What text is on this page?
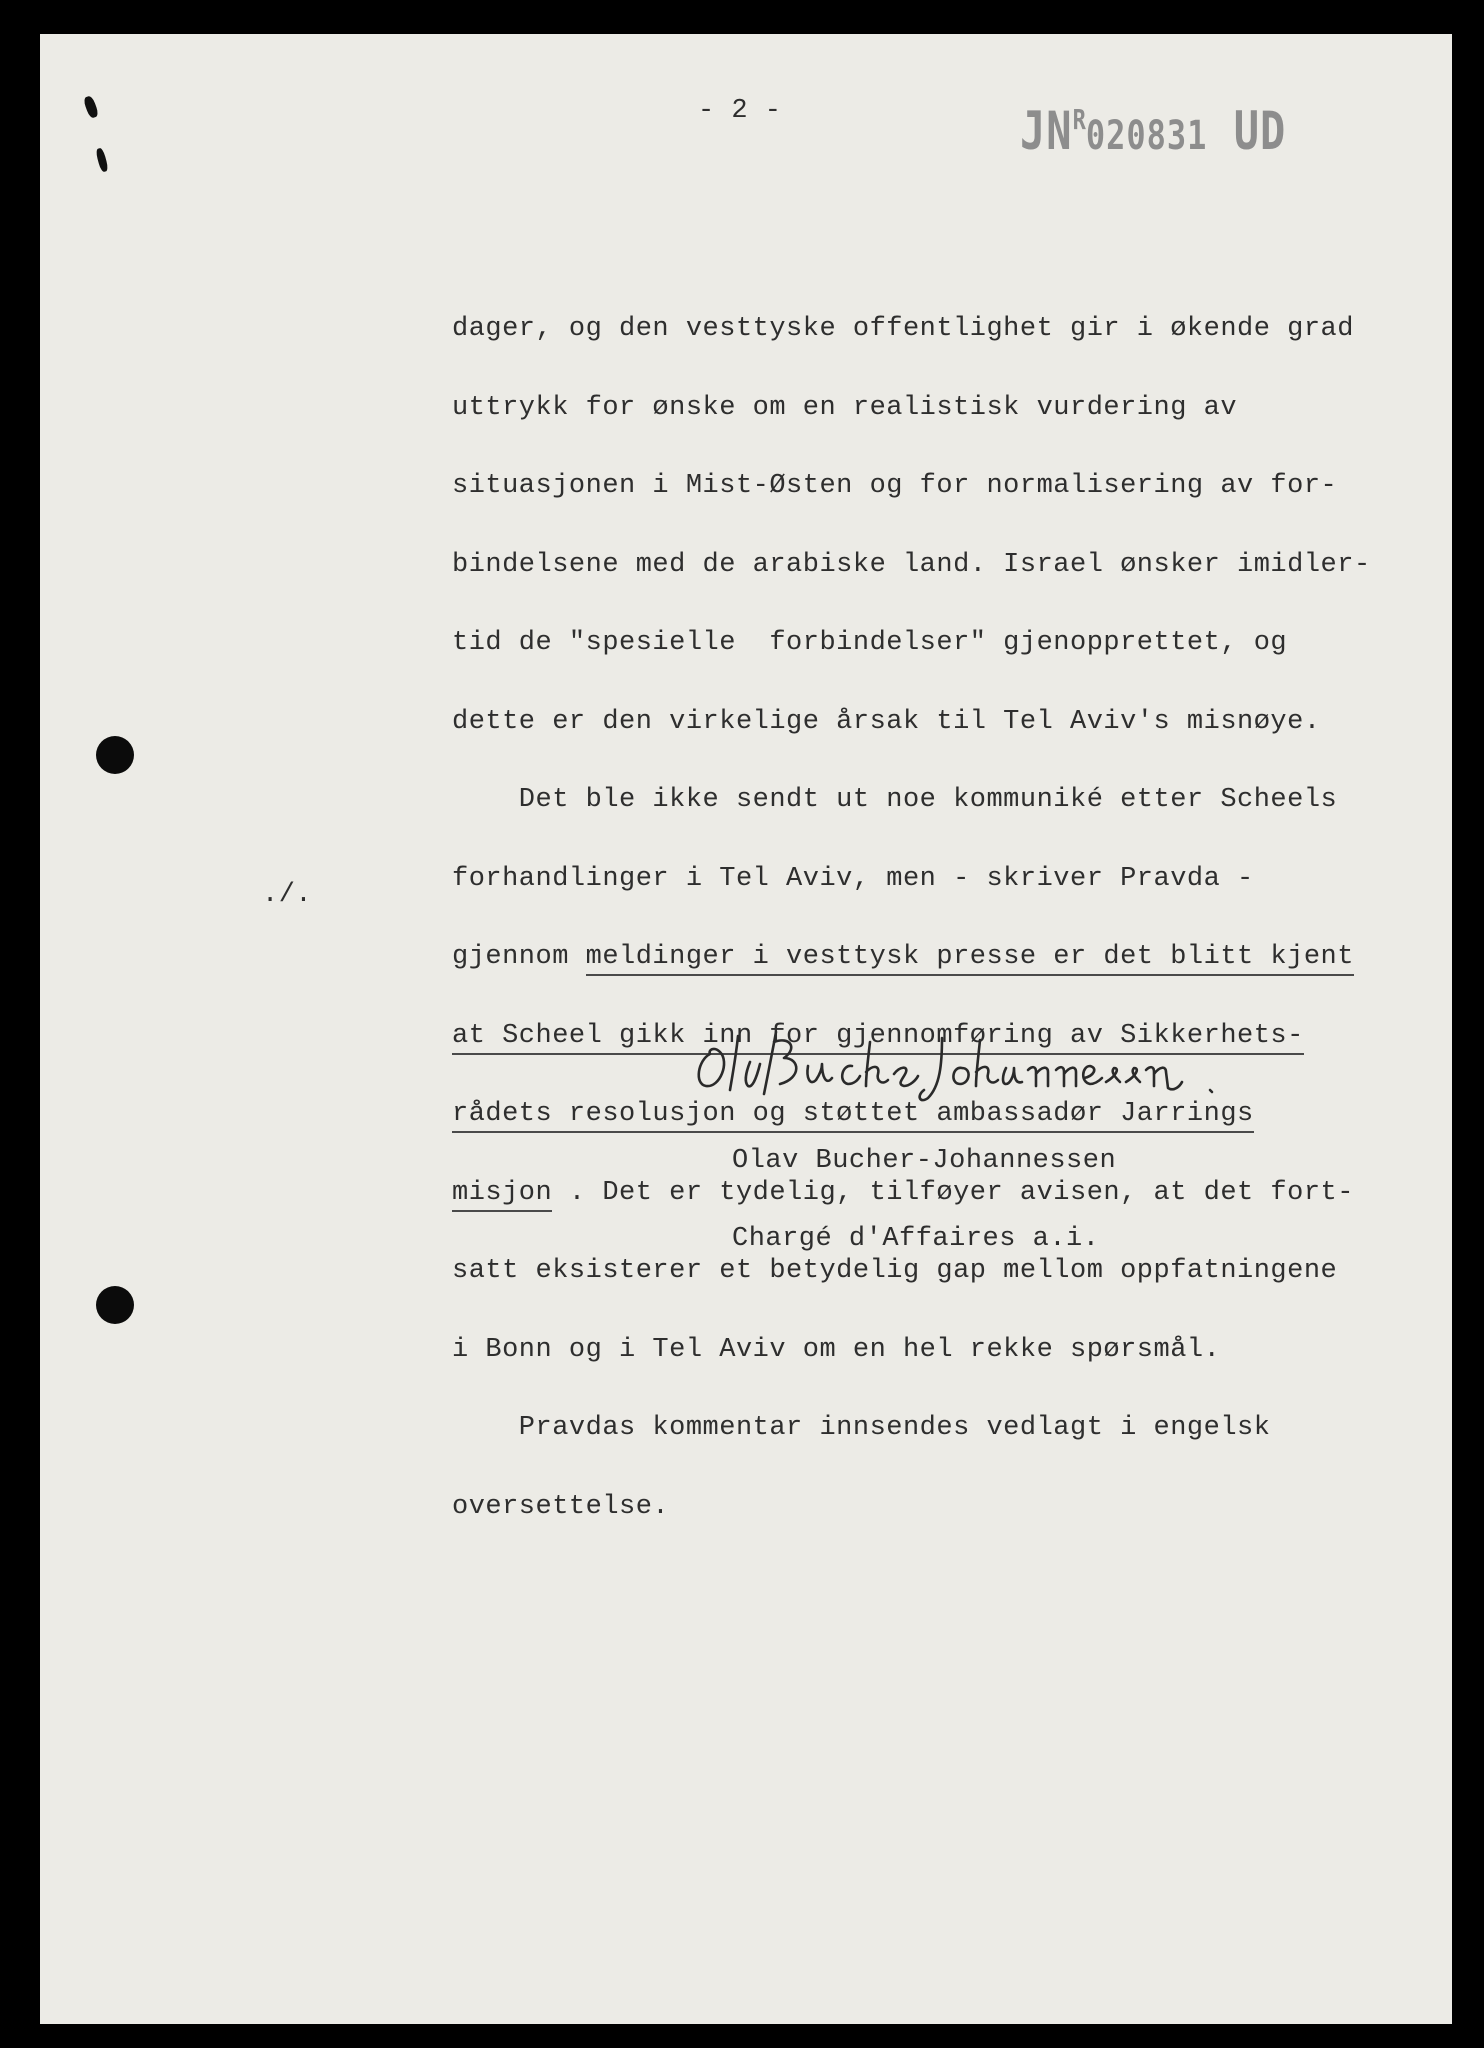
- 2 -	$JN^R020831$ UD

dager, og den vesttyske offentlighet gir i økende grad

uttrykk for ønske om en realistisk vurdering av

situasjonen i Mist-Østen og for normalisering av for-

bindelsene med de arabiske land. Israel ønsker imidler-

tid de "spesielle  forbindelser" gjenopprettet, og

dette er den virkelige årsak til Tel Aviv's misnøye.

Det ble ikke sendt ut noe kommuniké etter Scheels

forhandlinger i Tel Aviv, men - skriver Pravda -

gjennom meldinger i vesttysk presse er det blitt kjent

at Scheel gikk inn for gjennomføring av Sikkerhets-

rådets resolusjon og støttet ambassadør Jarrings

misjon . Det er tydelig, tilføyer avisen, at det fort-

satt eksisterer et betydelig gap mellom oppfatningene

i Bonn og i Tel Aviv om en hel rekke spørsmål.

Pravdas kommentar innsendes vedlagt i engelsk

oversettelse.

./.

Olav Bucher-Johannessen

Chargé d'Affaires a.i.
